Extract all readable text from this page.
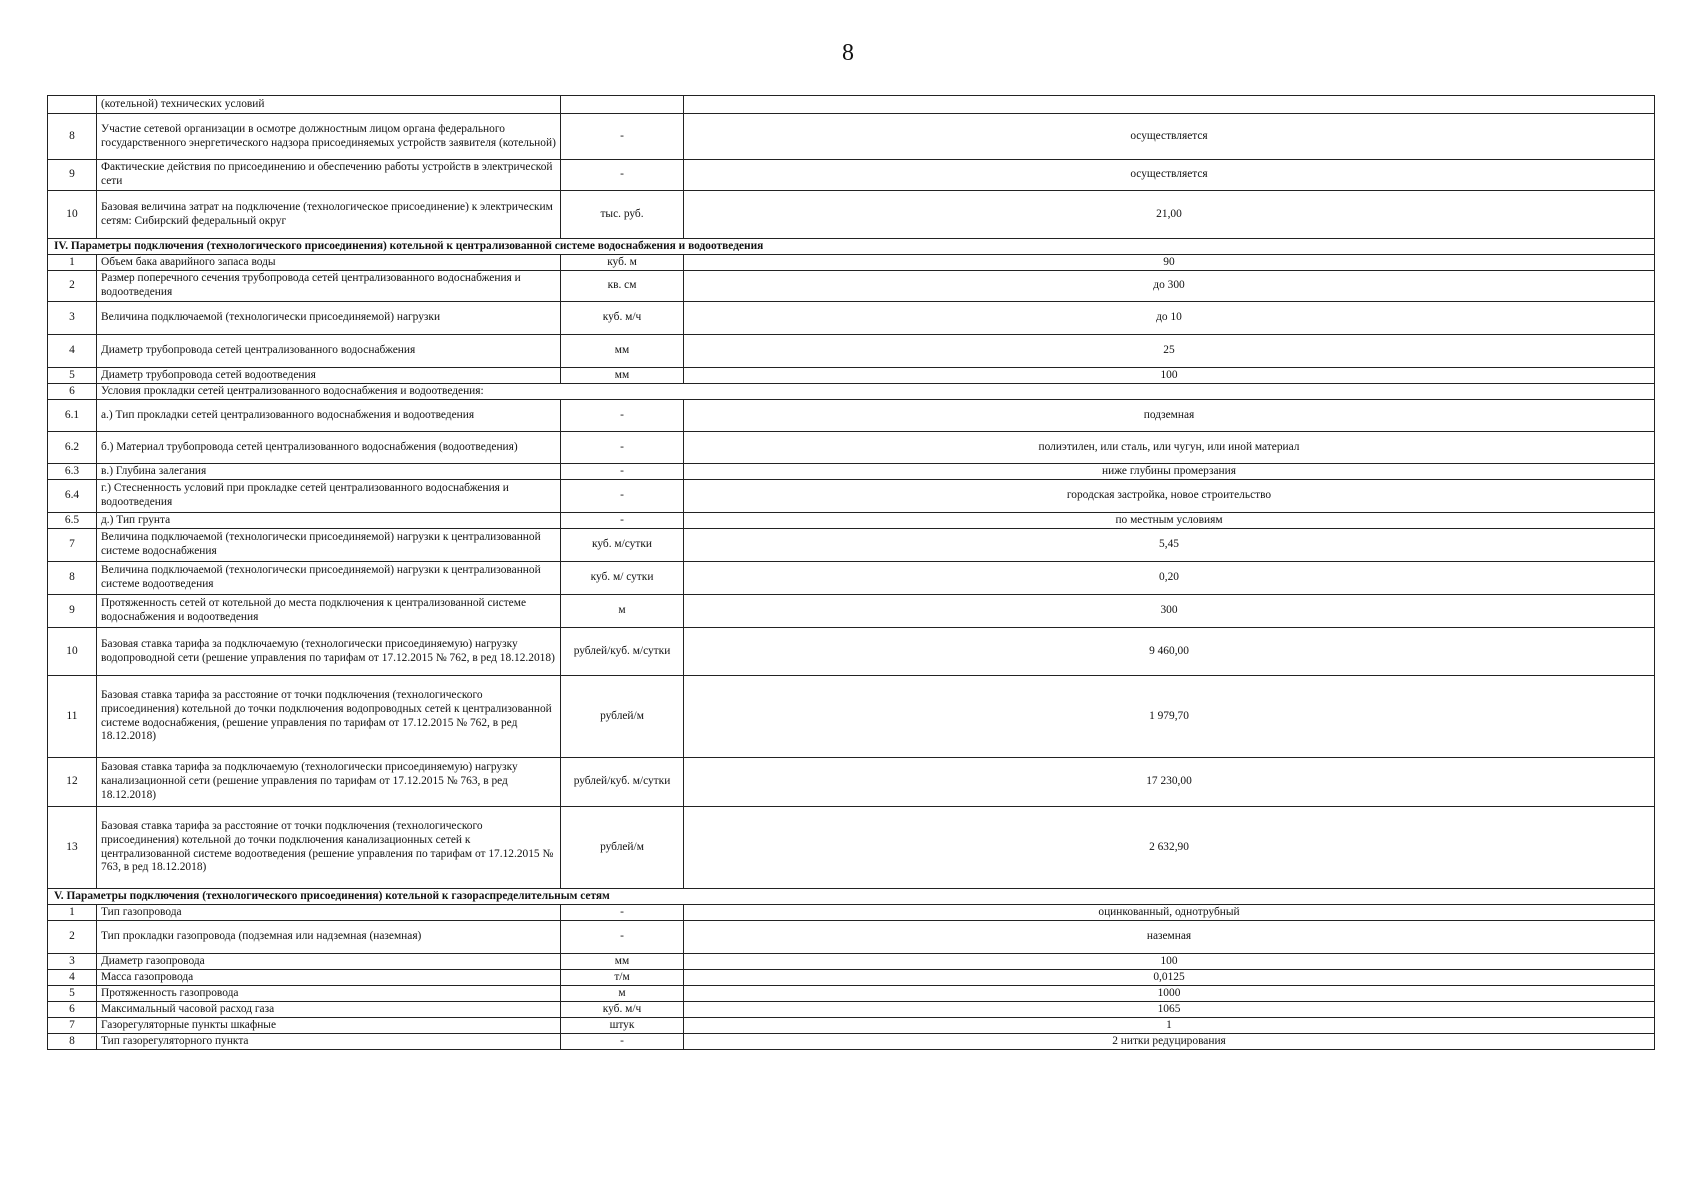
8
	(котельной) технических условий		
8	Участие сетевой организации в осмотре должностным лицом органа федерального государственного энергетического надзора присоединяемых устройств заявителя (котельной)	-	осуществляется
9	Фактические действия по присоединению и обеспечению работы устройств в электрической сети	-	осуществляется
10	Базовая величина затрат на подключение (технологическое присоединение) к электрическим сетям: Сибирский федеральный округ	тыс. руб.	21,00
IV. Параметры подключения (технологического присоединения) котельной к централизованной системе водоснабжения и водоотведения			
1	Объем бака аварийного запаса воды	куб. м	90
2	Размер поперечного сечения трубопровода сетей централизованного водоснабжения и водоотведения	кв. см	до 300
3	Величина подключаемой (технологически присоединяемой) нагрузки	куб. м/ч	до 10
4	Диаметр трубопровода сетей централизованного водоснабжения	мм	25
5	Диаметр трубопровода сетей водоотведения	мм	100
6	Условия прокладки сетей централизованного водоснабжения и водоотведения:		
6.1	а.) Тип прокладки сетей централизованного водоснабжения и водоотведения	-	подземная
6.2	б.) Материал трубопровода сетей централизованного водоснабжения (водоотведения)	-	полиэтилен, или сталь, или чугун, или иной материал
6.3	в.) Глубина залегания	-	ниже глубины промерзания
6.4	г.) Стесненность условий при прокладке сетей централизованного водоснабжения и водоотведения	-	городская застройка, новое строительство
6.5	д.) Тип грунта	-	по местным условиям
7	Величина подключаемой (технологически присоединяемой) нагрузки к централизованной системе водоснабжения	куб. м/сутки	5,45
8	Величина подключаемой (технологически присоединяемой) нагрузки к централизованной системе водоотведения	куб. м/ сутки	0,20
9	Протяженность сетей от котельной до места подключения к централизованной системе водоснабжения и водоотведения	м	300
10	Базовая ставка тарифа за подключаемую (технологически присоединяемую) нагрузку водопроводной сети (решение управления по тарифам от 17.12.2015 № 762, в ред 18.12.2018)	рублей/куб. м/сутки	9 460,00
11	Базовая ставка тарифа за расстояние от точки подключения (технологического присоединения) котельной до точки подключения водопроводных сетей к централизованной системе водоснабжения, (решение управления по тарифам от 17.12.2015 № 762, в ред 18.12.2018)	рублей/м	1 979,70
12	Базовая ставка тарифа за подключаемую (технологически присоединяемую) нагрузку канализационной сети (решение управления по тарифам от 17.12.2015 № 763, в ред 18.12.2018)	рублей/куб. м/сутки	17 230,00
13	Базовая ставка тарифа за расстояние от точки подключения (технологического присоединения) котельной до точки подключения канализационных сетей к централизованной системе водоотведения (решение управления по тарифам от 17.12.2015 № 763, в ред 18.12.2018)	рублей/м	2 632,90
V. Параметры подключения (технологического присоединения) котельной к газораспределительным сетям			
1	Тип газопровода	-	оцинкованный, однотрубный
2	Тип прокладки газопровода (подземная или надземная (наземная)	-	наземная
3	Диаметр газопровода	мм	100
4	Масса газопровода	т/м	0,0125
5	Протяженность газопровода	м	1000
6	Максимальный часовой расход газа	куб. м/ч	1065
7	Газорегуляторные пункты шкафные	штук	1
8	Тип газорегуляторного пункта	-	2 нитки редуцирования
